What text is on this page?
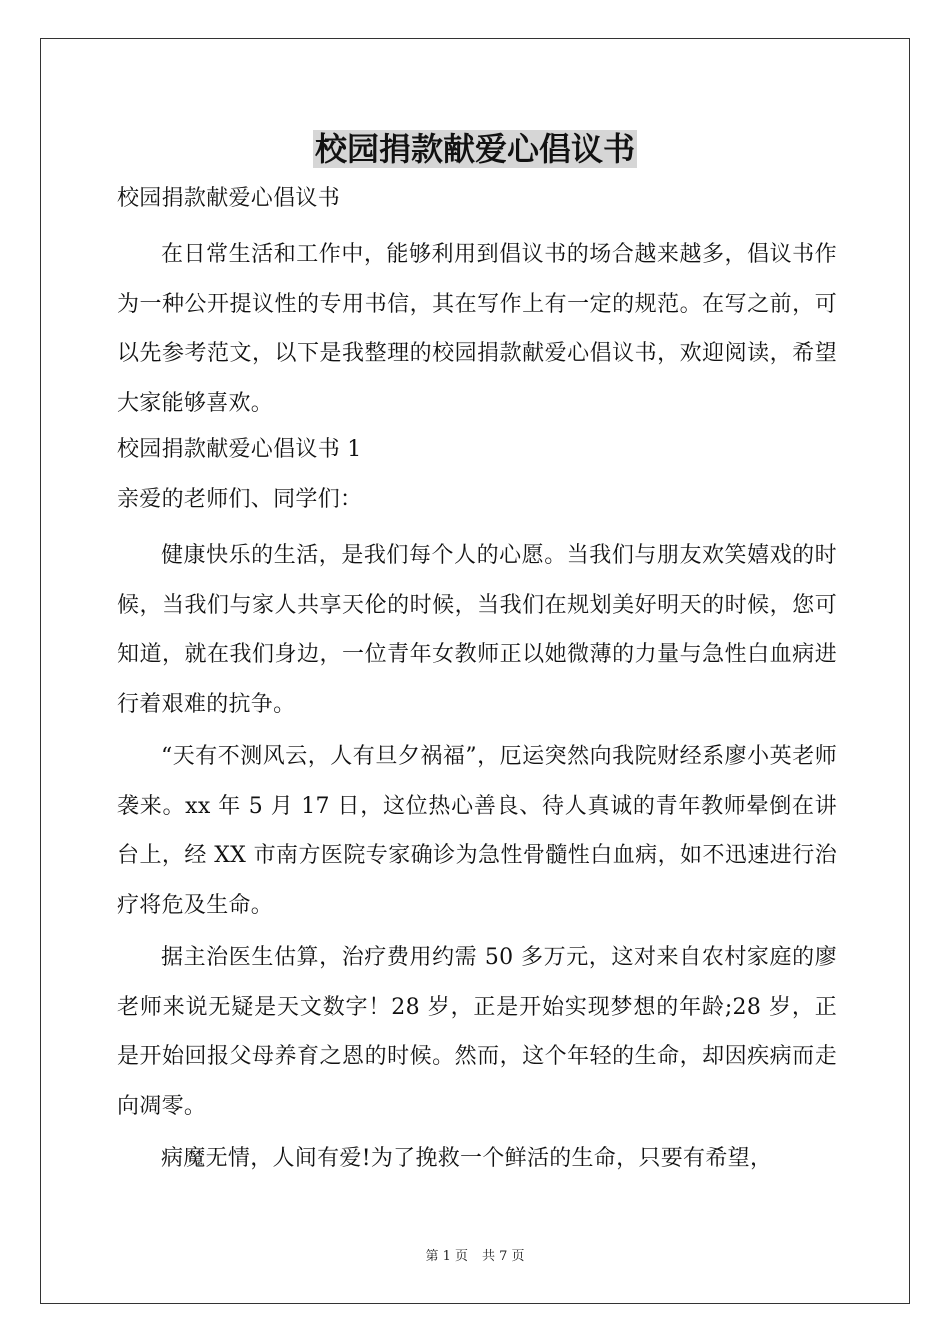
校园捐款献爱心倡议书
校园捐款献爱心倡议书
在日常生活和工作中，能够利用到倡议书的场合越来越多，倡议书作为一种公开提议性的专用书信，其在写作上有一定的规范。在写之前，可以先参考范文，以下是我整理的校园捐款献爱心倡议书，欢迎阅读，希望大家能够喜欢。
校园捐款献爱心倡议书 1
亲爱的老师们、同学们：
健康快乐的生活，是我们每个人的心愿。当我们与朋友欢笑嬉戏的时候，当我们与家人共享天伦的时候，当我们在规划美好明天的时候，您可知道，就在我们身边，一位青年女教师正以她微薄的力量与急性白血病进行着艰难的抗争。
“天有不测风云，人有旦夕祸福”，厄运突然向我院财经系廖小英老师袭来。xx 年 5 月 17 日，这位热心善良、待人真诚的青年教师晕倒在讲台上，经 XX 市南方医院专家确诊为急性骨髓性白血病，如不迅速进行治疗将危及生命。
据主治医生估算，治疗费用约需 50 多万元，这对来自农村家庭的廖老师来说无疑是天文数字！28 岁，正是开始实现梦想的年龄;28 岁，正是开始回报父母养育之恩的时候。然而，这个年轻的生命，却因疾病而走向凋零。
病魔无情，人间有爱!为了挽救一个鲜活的生命，只要有希望，
第 1 页 共 7 页
